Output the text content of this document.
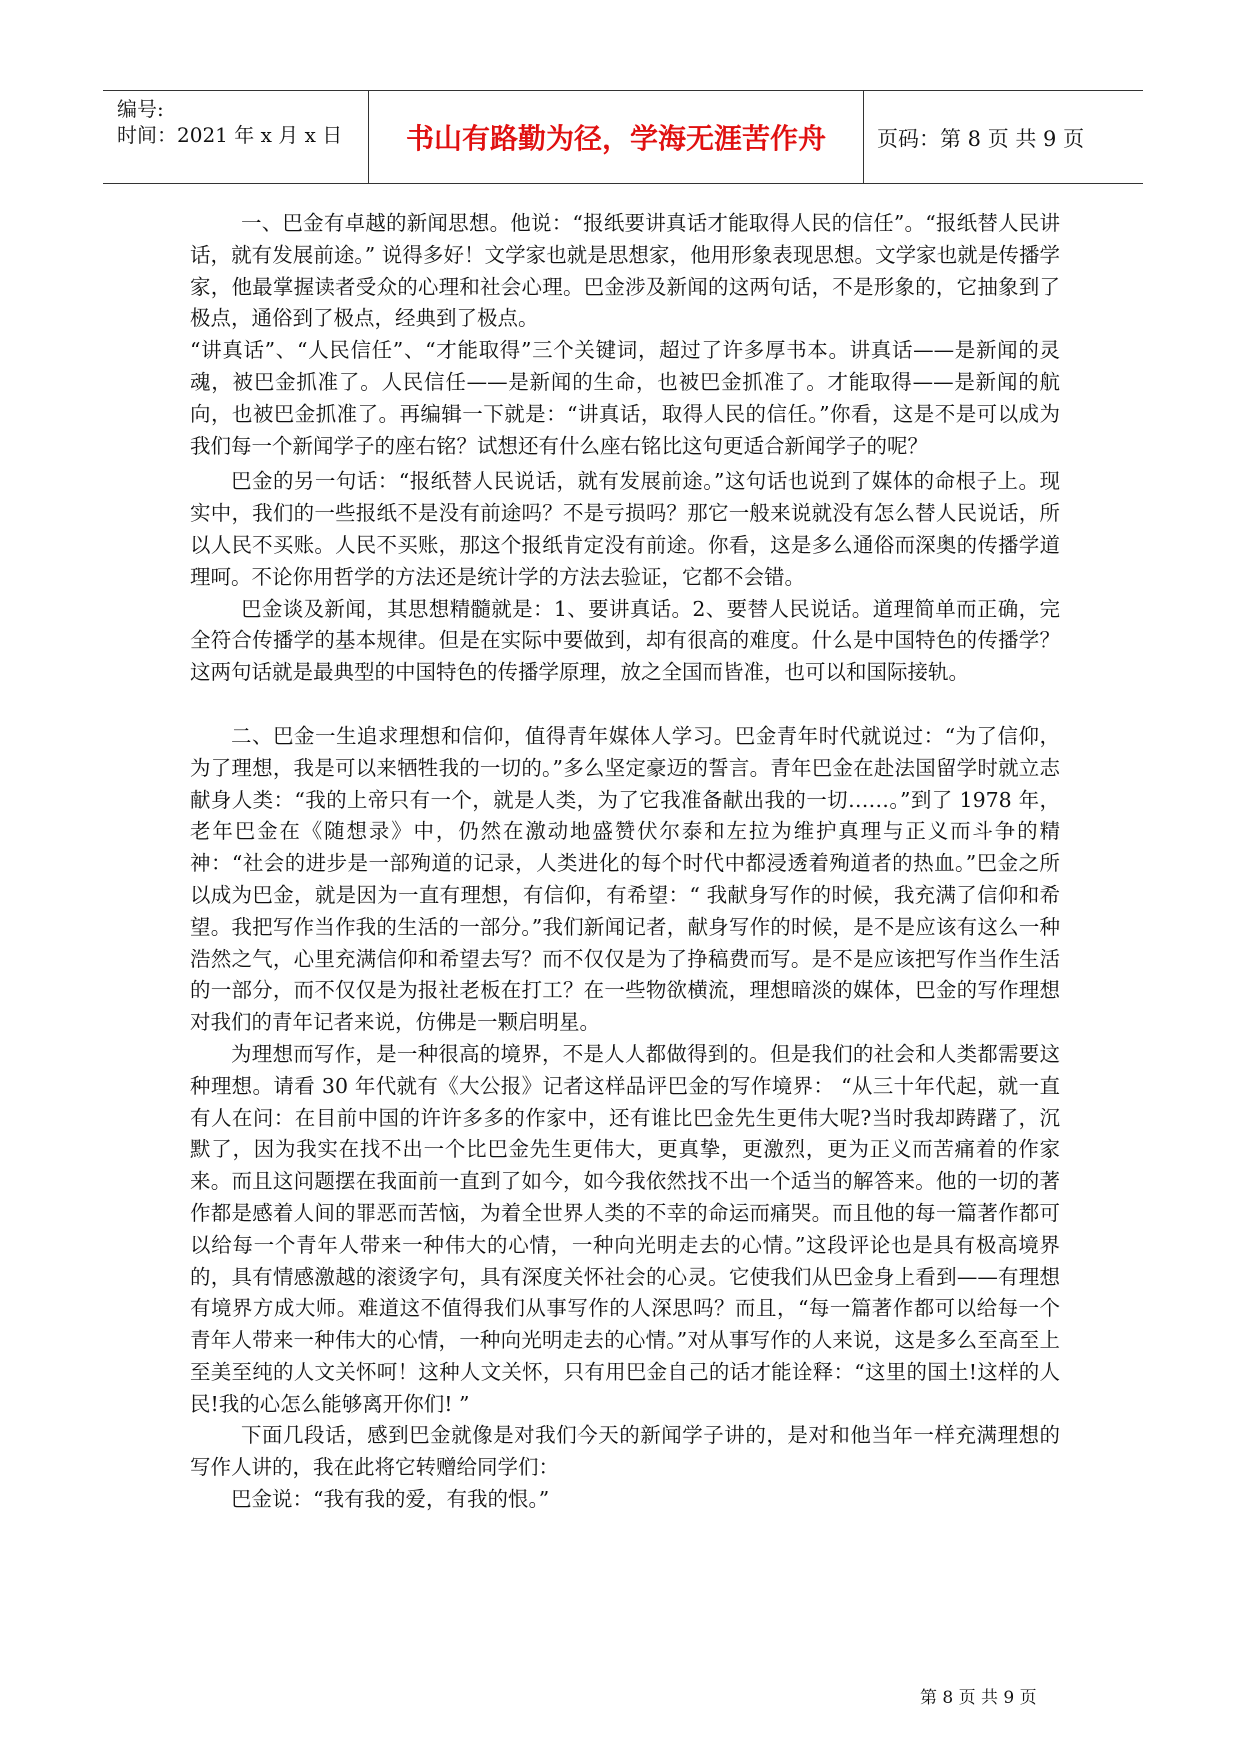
编号:
时间：2021 年 x 月 x 日	书山有路勤为径，学海无涯苦作舟	页码：第 8 页 共 9 页

一、巴金有卓越的新闻思想。他说：“报纸要讲真话才能取得人民的信任”。“报纸替人民讲话，就有发展前途。” 说得多好！文学家也就是思想家，他用形象表现思想。文学家也就是传播学家，他最掌握读者受众的心理和社会心理。巴金涉及新闻的这两句话，不是形象的，它抽象到了极点，通俗到了极点，经典到了极点。

“讲真话”、“人民信任”、“才能取得”三个关键词，超过了许多厚书本。讲真话——是新闻的灵魂，被巴金抓准了。人民信任——是新闻的生命，也被巴金抓准了。才能取得——是新闻的航向，也被巴金抓准了。再编辑一下就是：“讲真话，取得人民的信任。”你看，这是不是可以成为我们每一个新闻学子的座右铭？试想还有什么座右铭比这句更适合新闻学子的呢？

巴金的另一句话：“报纸替人民说话，就有发展前途。”这句话也说到了媒体的命根子上。现实中，我们的一些报纸不是没有前途吗？不是亏损吗？那它一般来说就没有怎么替人民说话，所以人民不买账。人民不买账，那这个报纸肯定没有前途。你看，这是多么通俗而深奥的传播学道理呵。不论你用哲学的方法还是统计学的方法去验证，它都不会错。

巴金谈及新闻，其思想精髓就是：1、要讲真话。2、要替人民说话。道理简单而正确，完全符合传播学的基本规律。但是在实际中要做到，却有很高的难度。什么是中国特色的传播学？这两句话就是最典型的中国特色的传播学原理，放之全国而皆准，也可以和国际接轨。

二、巴金一生追求理想和信仰，值得青年媒体人学习。巴金青年时代就说过：“为了信仰，为了理想，我是可以来牺牲我的一切的。”多么坚定豪迈的誓言。青年巴金在赴法国留学时就立志献身人类：“我的上帝只有一个，就是人类，为了它我准备献出我的一切……。”到了 1978 年，老年巴金在《随想录》中，仍然在激动地盛赞伏尔泰和左拉为维护真理与正义而斗争的精神：“社会的进步是一部殉道的记录，人类进化的每个时代中都浸透着殉道者的热血。”巴金之所以成为巴金，就是因为一直有理想，有信仰，有希望：“ 我献身写作的时候，我充满了信仰和希望。我把写作当作我的生活的一部分。”我们新闻记者，献身写作的时候，是不是应该有这么一种浩然之气，心里充满信仰和希望去写？而不仅仅是为了挣稿费而写。是不是应该把写作当作生活的一部分，而不仅仅是为报社老板在打工？在一些物欲横流，理想暗淡的媒体，巴金的写作理想对我们的青年记者来说，仿佛是一颗启明星。

为理想而写作，是一种很高的境界，不是人人都做得到的。但是我们的社会和人类都需要这种理想。请看 30 年代就有《大公报》记者这样品评巴金的写作境界： “从三十年代起，就一直有人在问：在目前中国的许许多多的作家中，还有谁比巴金先生更伟大呢?当时我却踌躇了，沉默了，因为我实在找不出一个比巴金先生更伟大，更真挚，更激烈，更为正义而苦痛着的作家来。而且这问题摆在我面前一直到了如今，如今我依然找不出一个适当的解答来。他的一切的著作都是感着人间的罪恶而苦恼，为着全世界人类的不幸的命运而痛哭。而且他的每一篇著作都可以给每一个青年人带来一种伟大的心情，一种向光明走去的心情。”这段评论也是具有极高境界的，具有情感激越的滚烫字句，具有深度关怀社会的心灵。它使我们从巴金身上看到——有理想有境界方成大师。难道这不值得我们从事写作的人深思吗？而且，“每一篇著作都可以给每一个青年人带来一种伟大的心情，一种向光明走去的心情。”对从事写作的人来说，这是多么至高至上至美至纯的人文关怀呵！这种人文关怀，只有用巴金自己的话才能诠释：“这里的国土!这样的人民!我的心怎么能够离开你们! ”

下面几段话，感到巴金就像是对我们今天的新闻学子讲的，是对和他当年一样充满理想的写作人讲的，我在此将它转赠给同学们：

巴金说：“我有我的爱，有我的恨。”

第 8 页 共 9 页
